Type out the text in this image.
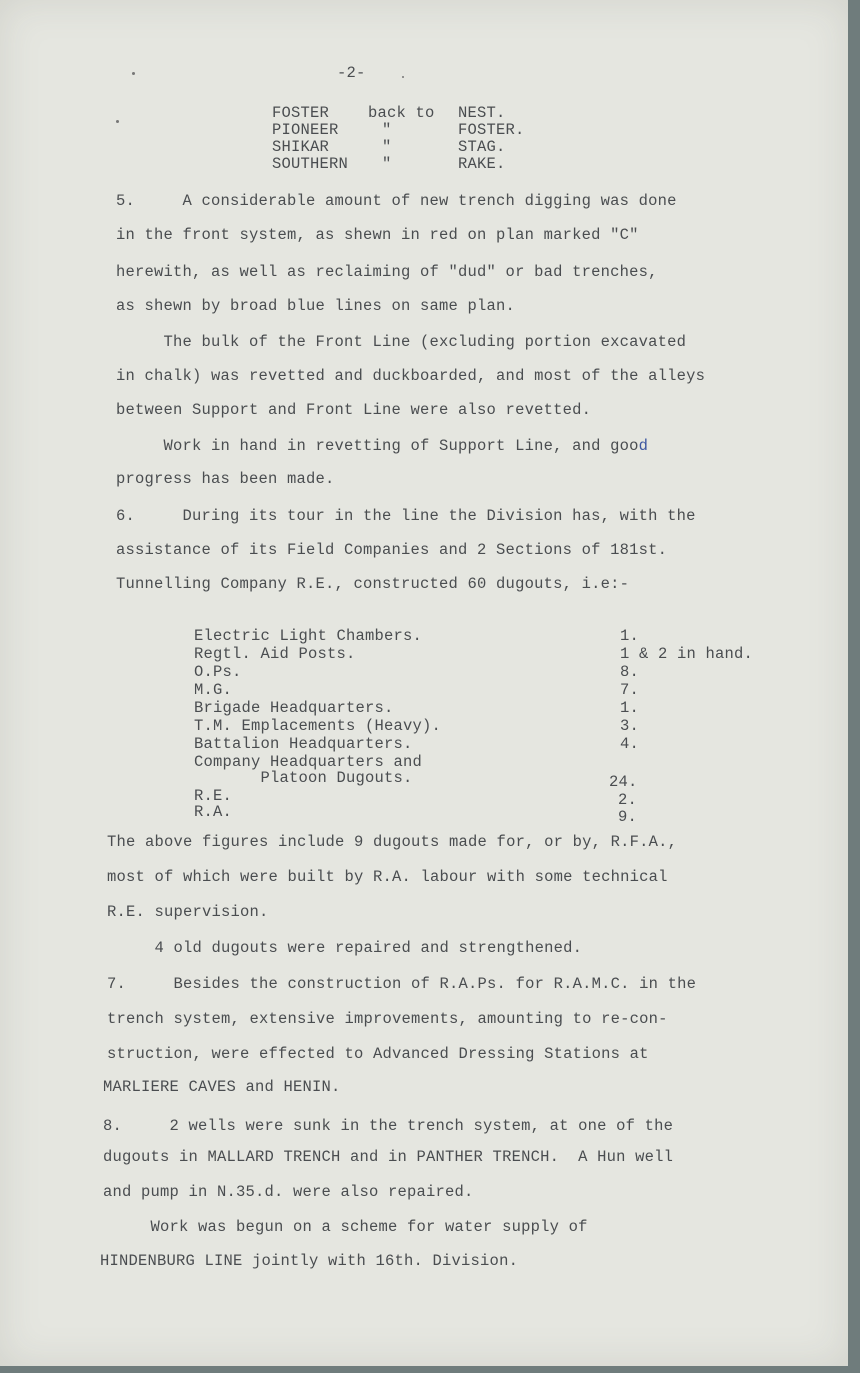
-2-
FOSTER	back to NEST.
PIONEER	"	FOSTER.
SHIKAR	"	STAG.
SOUTHERN "	RAKE.
5.     A considerable amount of new trench digging was done
in the front system, as shewn in red on plan marked "C"
herewith, as well as reclaiming of "dud" or bad trenches,
as shewn by broad blue lines on same plan.
The bulk of the Front Line (excluding portion excavated
in chalk) was revetted and duckboarded, and most of the alleys
between Support and Front Line were also revetted.
Work in hand in revetting of Support Line, and good
progress has been made.
6.     During its tour in the line the Division has, with the
assistance of its Field Companies and 2 Sections of 181st.
Tunnelling Company R.E., constructed 60 dugouts, i.e:-
Electric Light Chambers.	1.
Regtl. Aid Posts.	1 & 2 in hand.
O.Ps.	8.
M.G.	7.
Brigade Headquarters.	1.
T.M. Emplacements (Heavy).	3.
Battalion Headquarters.	4.
Company Headquarters and
Platoon Dugouts.	24.
R.E.	2.
R.A.	9.
The above figures include 9 dugouts made for, or by, R.F.A.,
most of which were built by R.A. labour with some technical
R.E. supervision.
4 old dugouts were repaired and strengthened.
7.     Besides the construction of R.A.Ps. for R.A.M.C. in the
trench system, extensive improvements, amounting to re-con-
struction, were effected to Advanced Dressing Stations at
MARLIERE CAVES and HENIN.
8.     2 wells were sunk in the trench system, at one of the
dugouts in MALLARD TRENCH and in PANTHER TRENCH.  A Hun well
and pump in N.35.d. were also repaired.
Work was begun on a scheme for water supply of
HINDENBURG LINE jointly with 16th. Division.
